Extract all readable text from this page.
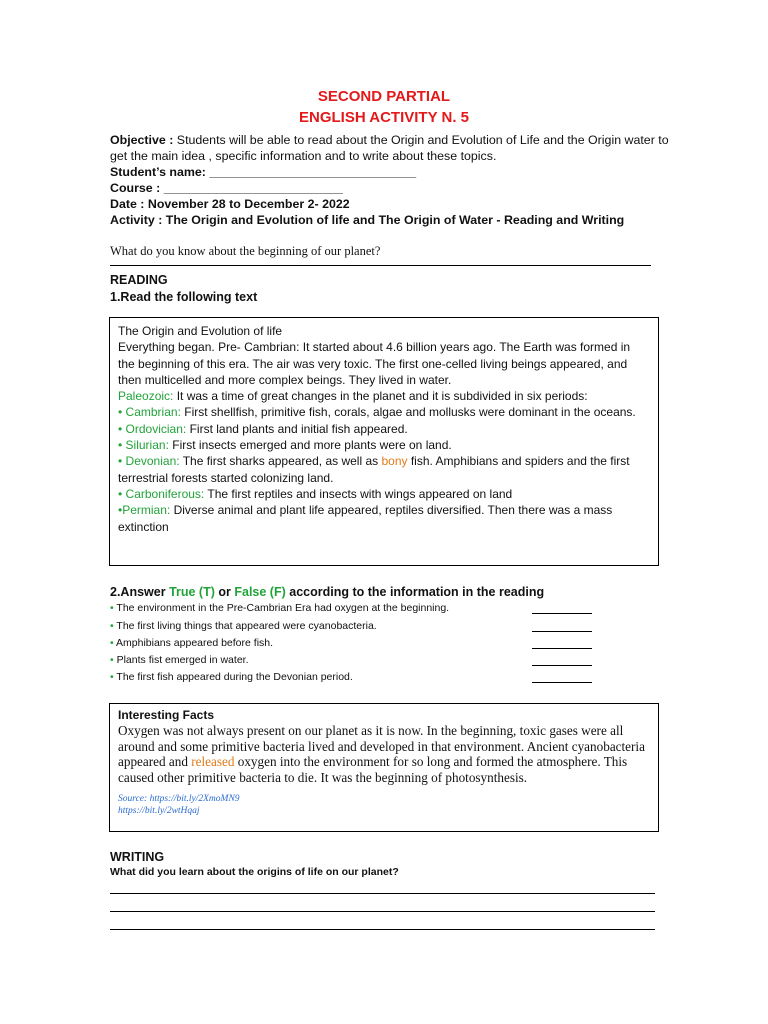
SECOND PARTIAL
ENGLISH ACTIVITY N. 5
Objective : Students will be able to read about the Origin and Evolution of Life and the Origin water to get the main idea , specific information and to write about these topics.
Student’s name: ______________________________
Course : __________________________
Date : November 28 to December 2- 2022
Activity : The Origin and Evolution of life and The Origin of Water - Reading and Writing
What do you know about the beginning of our planet?
READING
1.Read the following text
The Origin and Evolution of life
Everything began. Pre- Cambrian: It started about 4.6 billion years ago. The Earth was formed in the beginning of this era. The air was very toxic. The first one-celled living beings appeared, and then multicelled and more complex beings. They lived in water.
Paleozoic: It was a time of great changes in the planet and it is subdivided in six periods:
• Cambrian: First shellfish, primitive fish, corals, algae and mollusks were dominant in the oceans.
• Ordovician: First land plants and initial fish appeared.
• Silurian: First insects emerged and more plants were on land.
• Devonian: The first sharks appeared, as well as bony fish. Amphibians and spiders and the first terrestrial forests started colonizing land.
• Carboniferous: The first reptiles and insects with wings appeared on land
•Permian: Diverse animal and plant life appeared, reptiles diversified. Then there was a mass extinction
2.Answer True (T) or False (F) according to the information in the reading
• The environment in the Pre-Cambrian Era had oxygen at the beginning.
• The first living things that appeared were cyanobacteria.
• Amphibians appeared before fish.
• Plants fist emerged in water.
• The first fish appeared during the Devonian period.
Interesting Facts
Oxygen was not always present on our planet as it is now. In the beginning, toxic gases were all around and some primitive bacteria lived and developed in that environment. Ancient cyanobacteria appeared and released oxygen into the environment for so long and formed the atmosphere. This caused other primitive bacteria to die. It was the beginning of photosynthesis.
Source: https://bit.ly/2XmoMN9
https://bit.ly/2wtHqaj
WRITING
What did you learn about the origins of life on our planet?
